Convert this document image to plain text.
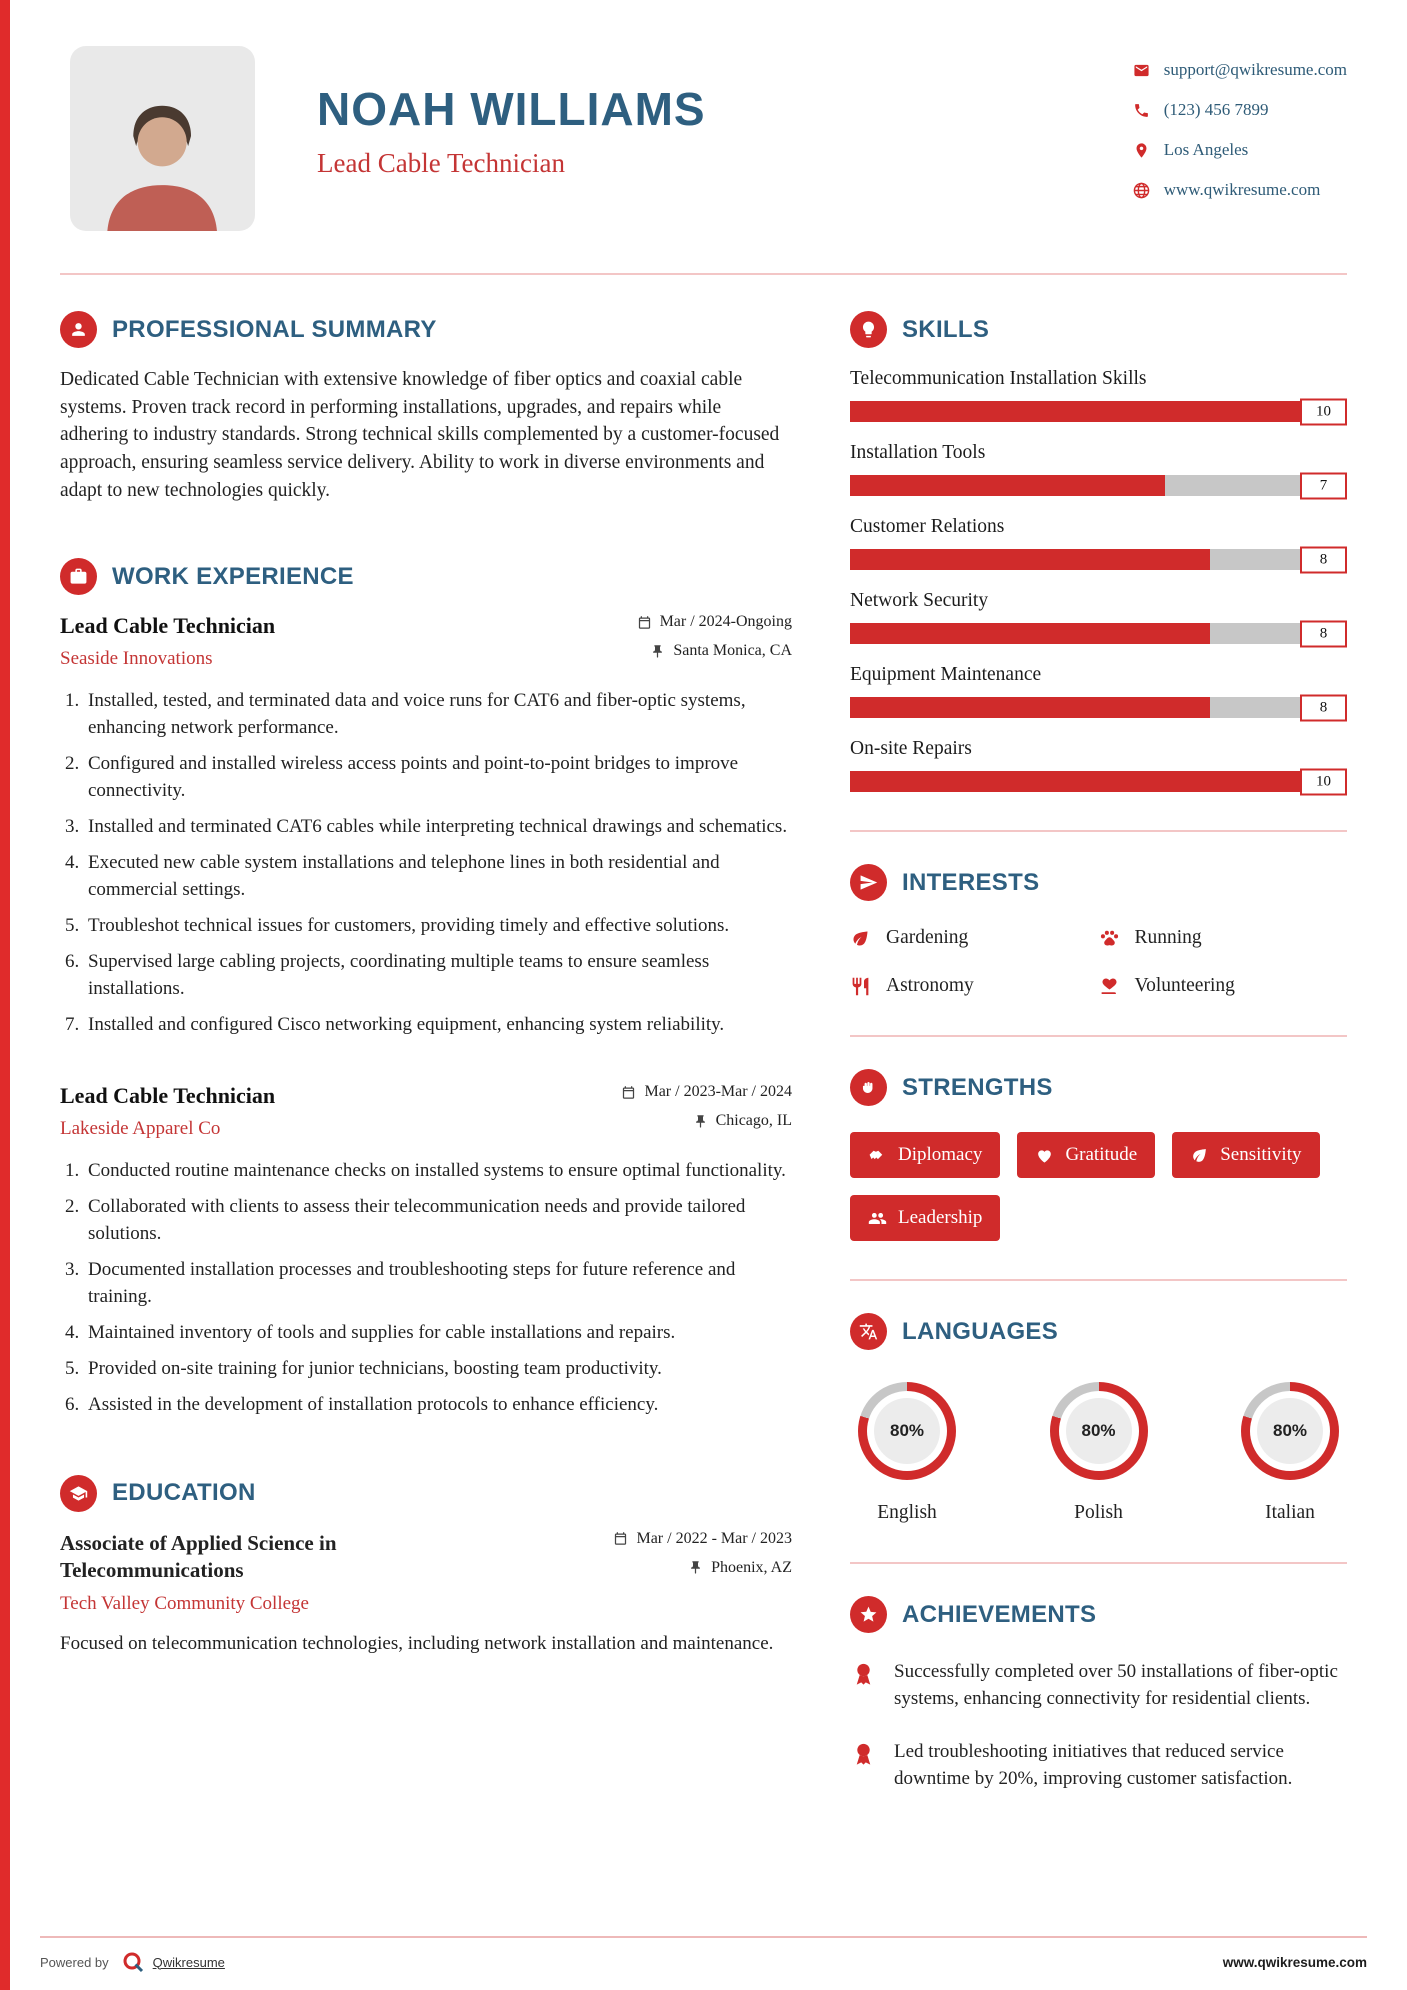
NOAH WILLIAMS
Lead Cable Technician
support@qwikresume.com
(123) 456 7899
Los Angeles
www.qwikresume.com
PROFESSIONAL SUMMARY

Dedicated Cable Technician with extensive knowledge of fiber optics and coaxial cable systems. Proven track record in performing installations, upgrades, and repairs while adhering to industry standards. Strong technical skills complemented by a customer-focused approach, ensuring seamless service delivery. Ability to work in diverse environments and adapt to new technologies quickly.

WORK EXPERIENCE
Lead Cable Technician
Seaside Innovations
Mar / 2024-Ongoing
Santa Monica, CA
1. Installed, tested, and terminated data and voice runs for CAT6 and fiber-optic systems, enhancing network performance.
2. Configured and installed wireless access points and point-to-point bridges to improve connectivity.
3. Installed and terminated CAT6 cables while interpreting technical drawings and schematics.
4. Executed new cable system installations and telephone lines in both residential and commercial settings.
5. Troubleshot technical issues for customers, providing timely and effective solutions.
6. Supervised large cabling projects, coordinating multiple teams to ensure seamless installations.
7. Installed and configured Cisco networking equipment, enhancing system reliability.
Lead Cable Technician
Lakeside Apparel Co
Mar / 2023-Mar / 2024
Chicago, IL
1. Conducted routine maintenance checks on installed systems to ensure optimal functionality.
2. Collaborated with clients to assess their telecommunication needs and provide tailored solutions.
3. Documented installation processes and troubleshooting steps for future reference and training.
4. Maintained inventory of tools and supplies for cable installations and repairs.
5. Provided on-site training for junior technicians, boosting team productivity.
6. Assisted in the development of installation protocols to enhance efficiency.
EDUCATION
Associate of Applied Science in Telecommunications
Tech Valley Community College
Mar / 2022 - Mar / 2023
Phoenix, AZ

Focused on telecommunication technologies, including network installation and maintenance.

SKILLS
Telecommunication Installation Skills
10
Installation Tools
7
Customer Relations
8
Network Security
8
Equipment Maintenance
8
On-site Repairs
10
INTERESTS
Gardening	Running
Astronomy	Volunteering
STRENGTHS
Diplomacy	Gratitude	Sensitivity
Leadership
LANGUAGES
80%
English
80%
Polish
80%
Italian
ACHIEVEMENTS

Successfully completed over 50 installations of fiber-optic systems, enhancing connectivity for residential clients.

Led troubleshooting initiatives that reduced service downtime by 20%, improving customer satisfaction.

Powered by	Qwikresume	www.qwikresume.com
